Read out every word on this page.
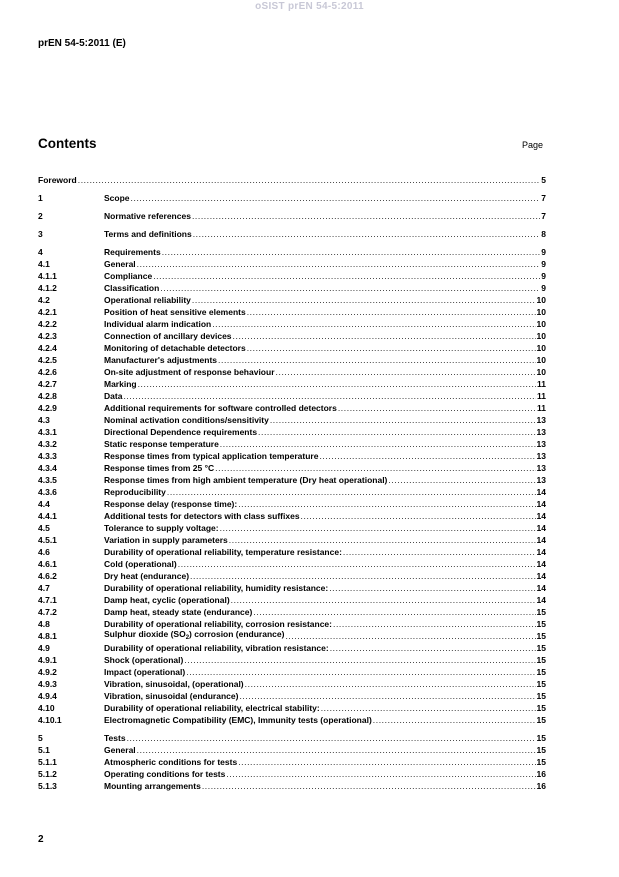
oSIST prEN 54-5:2011
prEN 54-5:2011 (E)
Contents	Page
Foreword .....	5
1	Scope .....	7
2	Normative references .....	7
3	Terms and definitions .....	8
4	Requirements .....	9
4.1	General .....	9
4.1.1	Compliance .....	9
4.1.2	Classification .....	9
4.2	Operational reliability .....	10
4.2.1	Position of heat sensitive elements .....	10
4.2.2	Individual alarm indication .....	10
4.2.3	Connection of ancillary devices .....	10
4.2.4	Monitoring of detachable detectors .....	10
4.2.5	Manufacturer's adjustments .....	10
4.2.6	On-site adjustment of response behaviour .....	10
4.2.7	Marking .....	11
4.2.8	Data .....	11
4.2.9	Additional requirements for software controlled detectors .....	11
4.3	Nominal activation conditions/sensitivity .....	13
4.3.1	Directional Dependence requirements .....	13
4.3.2	Static response temperature .....	13
4.3.3	Response times from typical application temperature .....	13
4.3.4	Response times from 25 °C .....	13
4.3.5	Response times from high ambient temperature (Dry heat operational) .....	13
4.3.6	Reproducibility .....	14
4.4	Response delay (response time): .....	14
4.4.1	Additional tests for detectors with class suffixes .....	14
4.5	Tolerance to supply voltage: .....	14
4.5.1	Variation in supply parameters .....	14
4.6	Durability of operational reliability, temperature resistance: .....	14
4.6.1	Cold (operational) .....	14
4.6.2	Dry heat (endurance) .....	14
4.7	Durability of operational reliability, humidity resistance: .....	14
4.7.1	Damp heat, cyclic (operational) .....	14
4.7.2	Damp heat, steady state (endurance) .....	15
4.8	Durability of operational reliability, corrosion resistance: .....	15
4.8.1	Sulphur dioxide $(SO_2)$ corrosion (endurance) .....	15
4.9	Durability of operational reliability, vibration resistance: .....	15
4.9.1	Shock (operational) .....	15
4.9.2	Impact (operational) .....	15
4.9.3	Vibration, sinusoidal, (operational) .....	15
4.9.4	Vibration, sinusoidal (endurance) .....	15
4.10	Durability of operational reliability, electrical stability: .....	15
4.10.1	Electromagnetic Compatibility (EMC), Immunity tests (operational) .....	15
5	Tests .....	15
5.1	General .....	15
5.1.1	Atmospheric conditions for tests .....	15
5.1.2	Operating conditions for tests .....	16
5.1.3	Mounting arrangements .....	16
2
